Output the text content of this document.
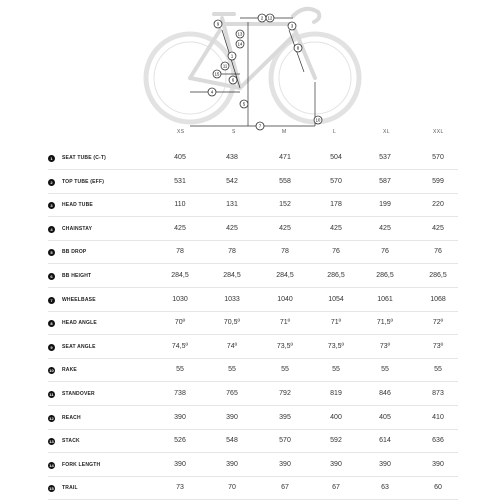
1
2
3
4
5
6
7
8
9
10
11
12
13
14
15
XS	S	M	L	XL	XXL
1	SEAT TUBE (C-T)	405	438	471	504	537	570
2	TOP TUBE (EFF)	531	542	558	570	587	599
3	HEAD TUBE	110	131	152	178	199	220
4	CHAINSTAY	425	425	425	425	425	425
5	BB DROP	78	78	78	76	76	76
6	BB HEIGHT	284,5	284,5	284,5	286,5	286,5	286,5
7	WHEELBASE	1030	1033	1040	1054	1061	1068
8	HEAD ANGLE	70º	70,5º	71º	71º	71,5º	72º
9	SEAT ANGLE	74,5º	74º	73,5º	73,5º	73º	73º
10 RAKE	55	55	55	55	55	55
11 STANDOVER	738	765	792	819	846	873
12 REACH	390	390	395	400	405	410
13 STACK	526	548	570	592	614	636
14 FORK LENGTH	390	390	390	390	390	390
15 TRAIL	73	70	67	67	63	60
